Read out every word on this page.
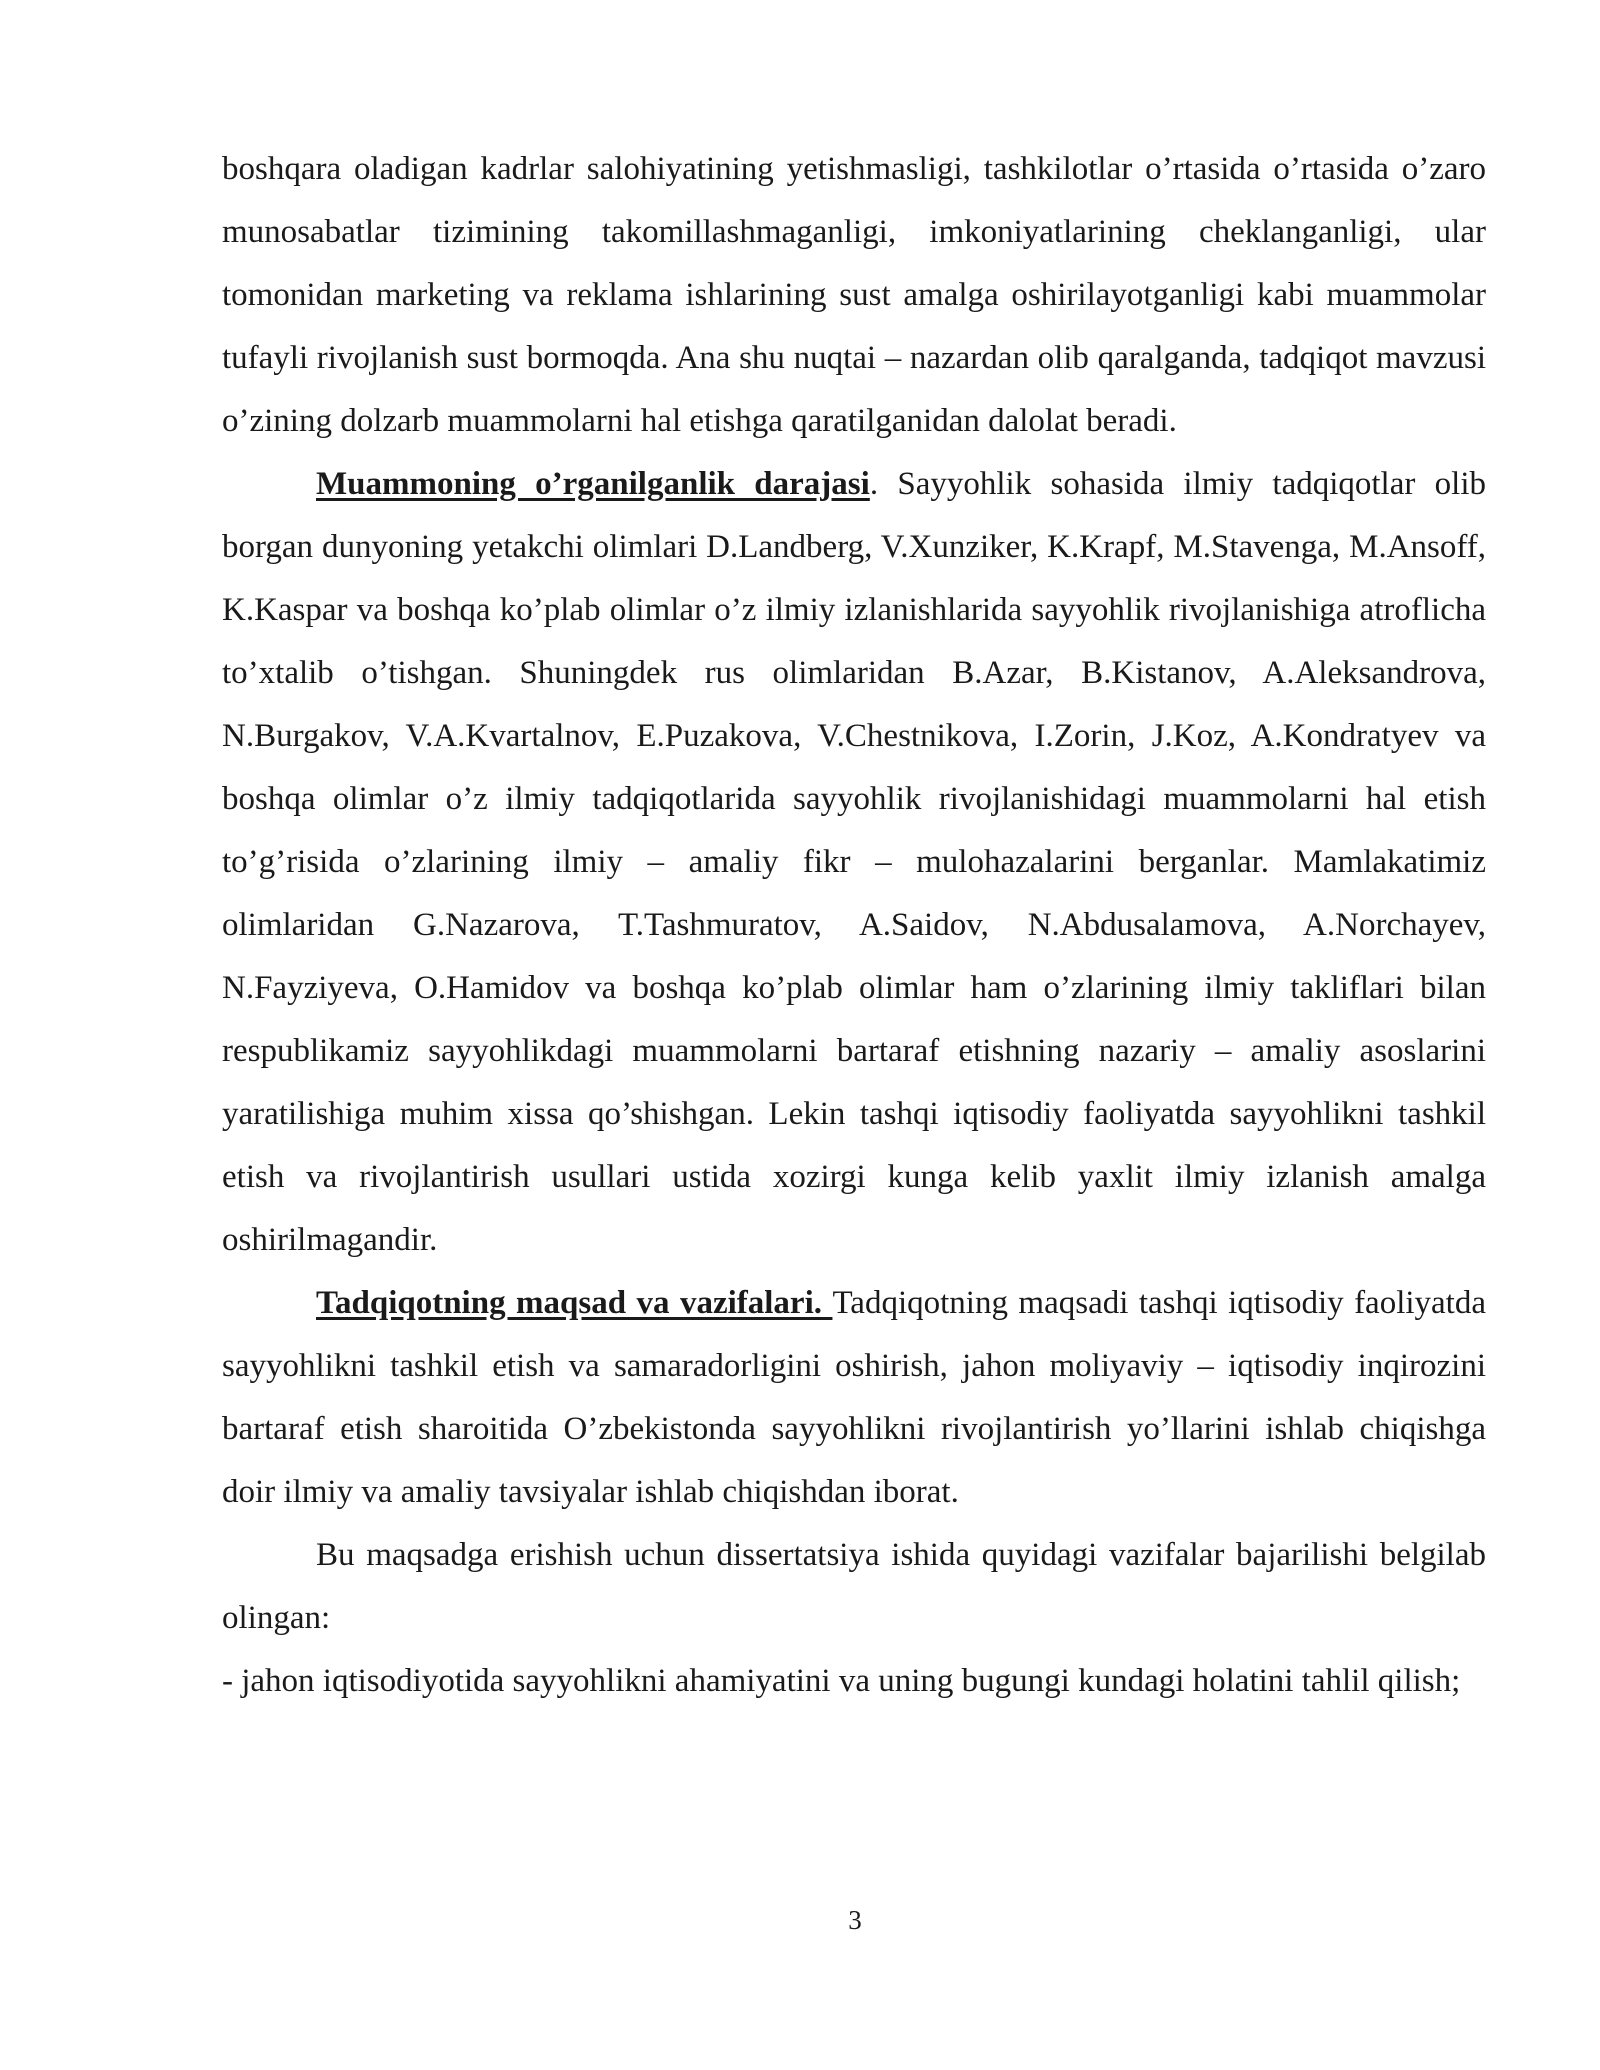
boshqara oladigan kadrlar salohiyatining yetishmasligi, tashkilotlar o’rtasida o’rtasida o’zaro munosabatlar tizimining takomillashmaganligi, imkoniyatlarining cheklanganligi, ular tomonidan marketing va reklama ishlarining sust amalga oshirilayotganligi kabi muammolar tufayli rivojlanish sust bormoqda. Ana shu nuqtai – nazardan olib qaralganda, tadqiqot mavzusi o’zining dolzarb muammolarni hal etishga qaratilganidan dalolat beradi.

Muammoning o’rganilganlik darajasi. Sayyohlik sohasida ilmiy tadqiqotlar olib borgan dunyoning yetakchi olimlari D.Landberg, V.Xunziker, K.Krapf, M.Stavenga, M.Ansoff, K.Kaspar va boshqa ko’plab olimlar o’z ilmiy izlanishlarida sayyohlik rivojlanishiga atroflicha to’xtalib o’tishgan. Shuningdek rus olimlaridan B.Azar, B.Kistanov, A.Aleksandrova, N.Burgakov, V.A.Kvartalnov, E.Puzakova, V.Chestnikova, I.Zorin, J.Koz, A.Kondratyev va boshqa olimlar o’z ilmiy tadqiqotlarida sayyohlik rivojlanishidagi muammolarni hal etish to’g’risida o’zlarining ilmiy – amaliy fikr – mulohazalarini berganlar. Mamlakatimiz olimlaridan G.Nazarova, T.Tashmuratov, A.Saidov, N.Abdusalamova, A.Norchayev, N.Fayziyeva, O.Hamidov va boshqa ko’plab olimlar ham o’zlarining ilmiy takliflari bilan respublikamiz sayyohlikdagi muammolarni bartaraf etishning nazariy – amaliy asoslarini yaratilishiga muhim xissa qo’shishgan. Lekin tashqi iqtisodiy faoliyatda sayyohlikni tashkil etish va rivojlantirish usullari ustida xozirgi kunga kelib yaxlit ilmiy izlanish amalga oshirilmagandir.

Tadqiqotning maqsad va vazifalari. Tadqiqotning maqsadi tashqi iqtisodiy faoliyatda sayyohlikni tashkil etish va samaradorligini oshirish, jahon moliyaviy – iqtisodiy inqirozini bartaraf etish sharoitida O’zbekistonda sayyohlikni rivojlantirish yo’llarini ishlab chiqishga doir ilmiy va amaliy tavsiyalar ishlab chiqishdan iborat.

Bu maqsadga erishish uchun dissertatsiya ishida quyidagi vazifalar bajarilishi belgilab olingan:

- jahon iqtisodiyotida sayyohlikni ahamiyatini va uning bugungi kundagi holatini tahlil qilish;

3
